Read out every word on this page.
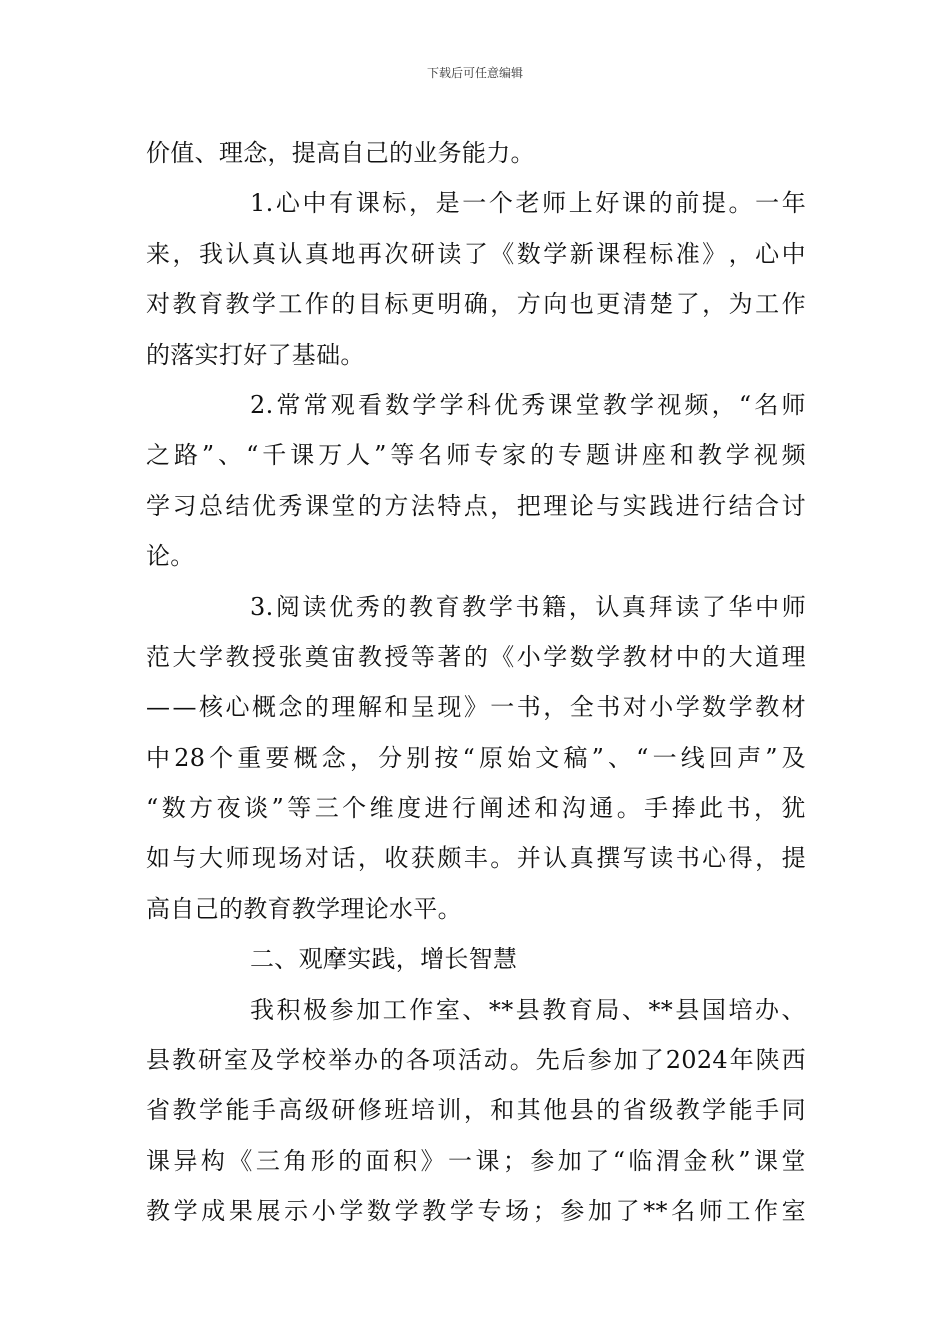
下载后可任意编辑
价值、理念，提高自己的业务能力。
1. 心 中 有 课 标 ， 是 一 个 老 师 上 好 课 的 前 提 。 一 年
来 ， 我 认 真 认 真 地 再 次 研 读 了 《 数 学 新 课 程 标 准 》 ， 心 中
对 教 育 教 学 工 作 的 目 标 更 明 确 ， 方 向 也 更 清 楚 了 ， 为 工 作
的落实打好了基础。
2. 常 常 观 看 数 学 学 科 优 秀 课 堂 教 学 视 频 ， “ 名 师
之 路 ” 、 “ 千 课 万 人 ” 等 名 师 专 家 的 专 题 讲 座 和 教 学 视 频
学 习 总 结 优 秀 课 堂 的 方 法 特 点 ， 把 理 论 与 实 践 进 行 结 合 讨
论。
3. 阅 读 优 秀 的 教 育 教 学 书 籍 ， 认 真 拜 读 了 华 中 师
范 大 学 教 授 张 奠 宙 教 授 等 著 的 《 小 学 数 学 教 材 中 的 大 道 理
— — 核 心 概 念 的 理 解 和 呈 现 》 一 书 ， 全 书 对 小 学 数 学 教 材
中 28 个 重 要 概 念 ， 分 别 按 “ 原 始 文 稿 ” 、 “ 一 线 回 声 ” 及
“ 数 方 夜 谈 ” 等 三 个 维 度 进 行 阐 述 和 沟 通 。 手 捧 此 书 ， 犹
如 与 大 师 现 场 对 话 ， 收 获 颇 丰 。 并 认 真 撰 写 读 书 心 得 ， 提
高自己的教育教学理论水平。
二、观摩实践，增长智慧
我 积 极 参 加 工 作 室 、 ** 县 教 育 局 、 ** 县 国 培 办 、
县 教 研 室 及 学 校 举 办 的 各 项 活 动 。 先 后 参 加 了 2024 年 陕 西
省 教 学 能 手 高 级 研 修 班 培 训 ， 和 其 他 县 的 省 级 教 学 能 手 同
课 异 构 《 三 角 形 的 面 积 》 一 课 ； 参 加 了 “ 临 渭 金 秋 ” 课 堂
教 学 成 果 展 示 小 学 数 学 教 学 专 场 ； 参 加 了 ** 名 师 工 作 室
